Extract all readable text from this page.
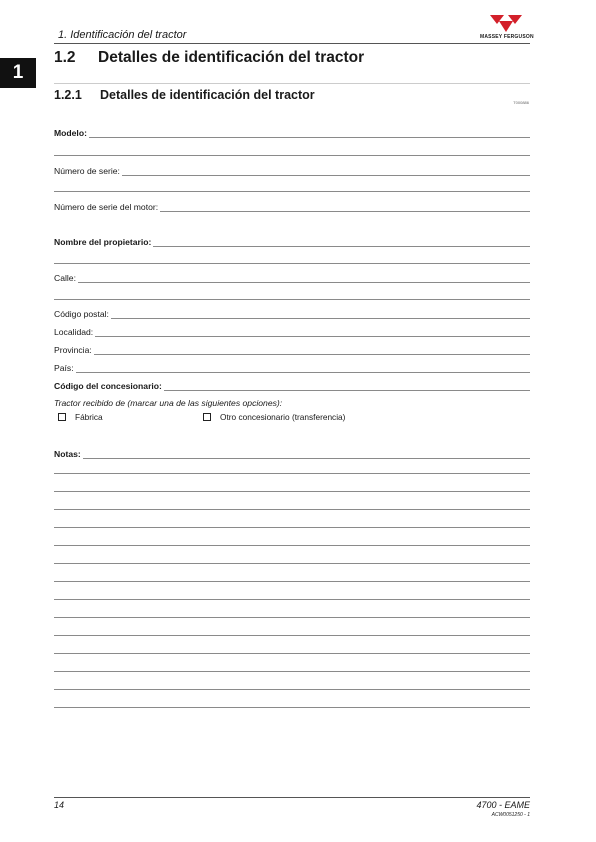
1. Identificación del tractor	MASSEY FERGUSON
1
1.2 Detalles de identificación del tractor
1.2.1 Detalles de identificación del tractor
T000886
Modelo:
Número de serie:
Número de serie del motor:
Nombre del propietario:
Calle:
Código postal:
Localidad:
Provincia:
País:
Código del concesionario:
Tractor recibido de (marcar una de las siguientes opciones):
Fábrica	Otro concesionario (transferencia)
Notas:
14	4700 - EAME
ACW0051250 - 1
